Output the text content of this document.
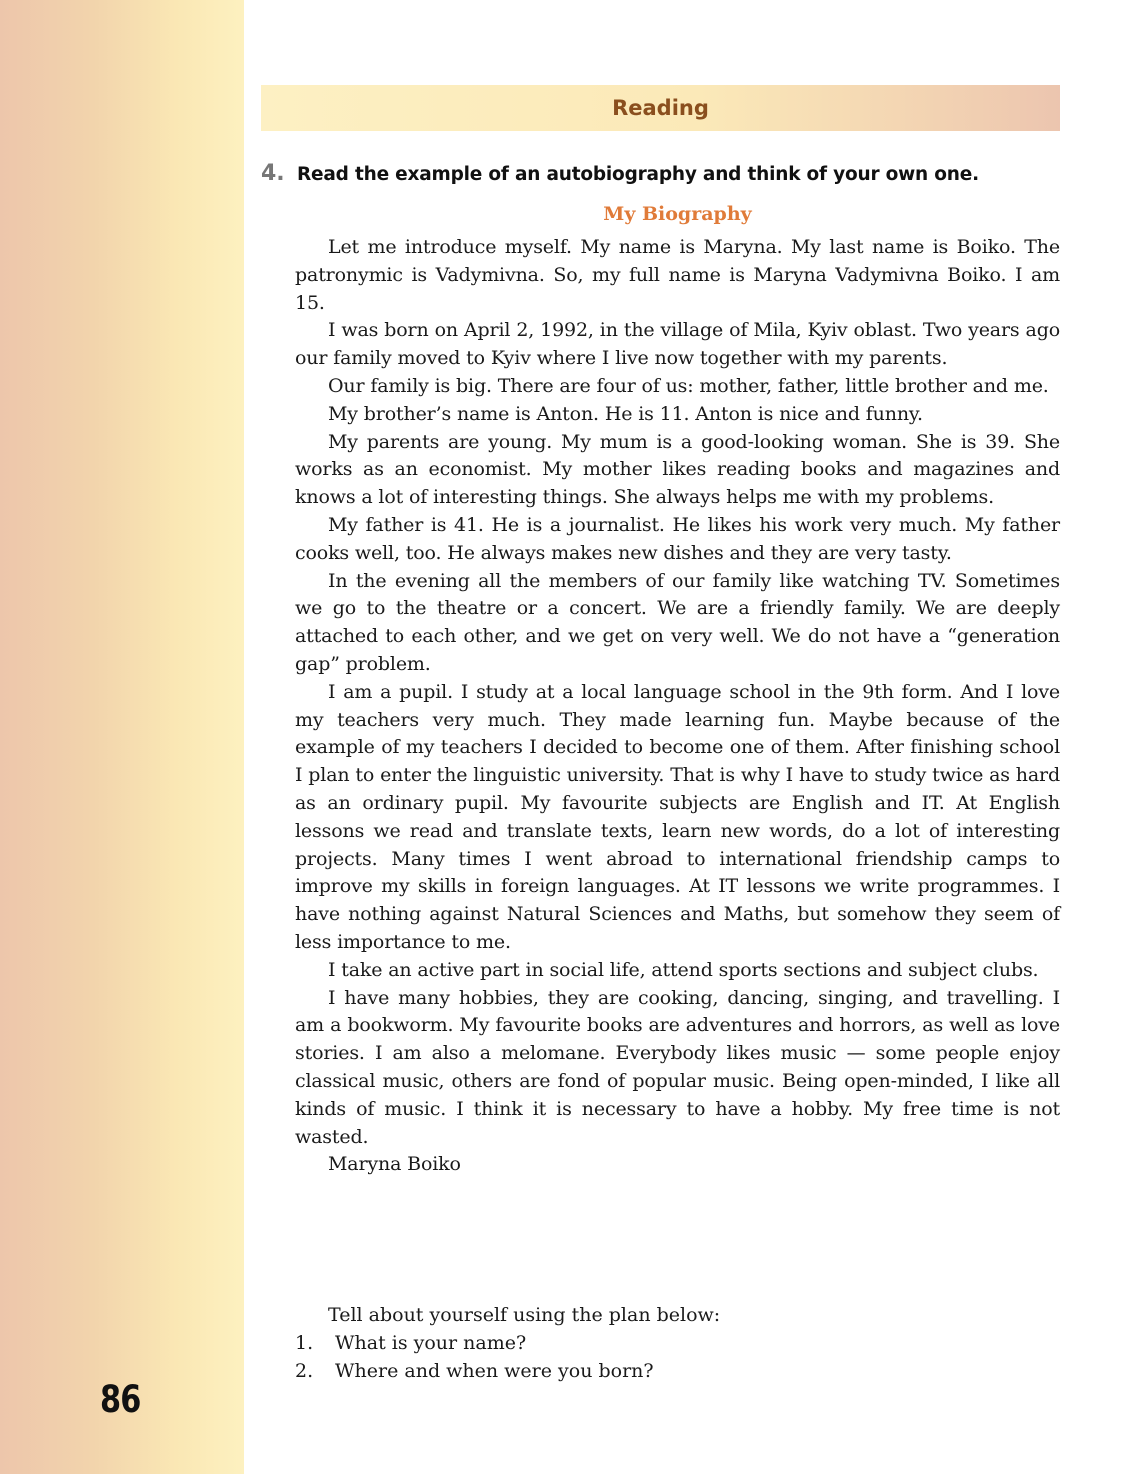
86
Reading
4. Read the example of an autobiography and think of your own one.
My Biography

Let me introduce myself. My name is Maryna. My last name is Boiko. The patronymic is Vadymivna. So, my full name is Maryna Vadymivna Boiko. I am 15.

I was born on April 2, 1992, in the village of Mila, Kyiv oblast. Two years ago our family moved to Kyiv where I live now together with my parents.

Our family is big. There are four of us: mother, father, little brother and me.

My brother’s name is Anton. He is 11. Anton is nice and funny.

My parents are young. My mum is a good-looking woman. She is 39. She works as an economist. My mother likes reading books and magazines and knows a lot of interesting things. She always helps me with my problems.

My father is 41. He is a journalist. He likes his work very much. My father cooks well, too. He always makes new dishes and they are very tasty.

In the evening all the members of our family like watching TV. Sometimes we go to the theatre or a concert. We are a friendly family. We are deeply attached to each other, and we get on very well. We do not have a “generation gap” problem.

I am a pupil. I study at a local language school in the 9th form. And I love my teachers very much. They made learning fun. Maybe because of the example of my teachers I decided to become one of them. After finishing school I plan to enter the linguistic university. That is why I have to study twice as hard as an ordinary pupil. My favourite subjects are English and IT. At English lessons we read and translate texts, learn new words, do a lot of interesting projects. Many times I went abroad to international friendship camps to improve my skills in foreign languages. At IT lessons we write programmes. I have nothing against Natural Sciences and Maths, but somehow they seem of less importance to me.

I take an active part in social life, attend sports sections and subject clubs.

I have many hobbies, they are cooking, dancing, singing, and travelling. I am a bookworm. My favourite books are adventures and horrors, as well as love stories. I am also a melomane. Everybody likes music — some people enjoy classical music, others are fond of popular music. Being open-minded, I like all kinds of music. I think it is necessary to have a hobby. My free time is not wasted.

Maryna Boiko
Tell about yourself using the plan below:
1.	What is your name?
2.	Where and when were you born?
